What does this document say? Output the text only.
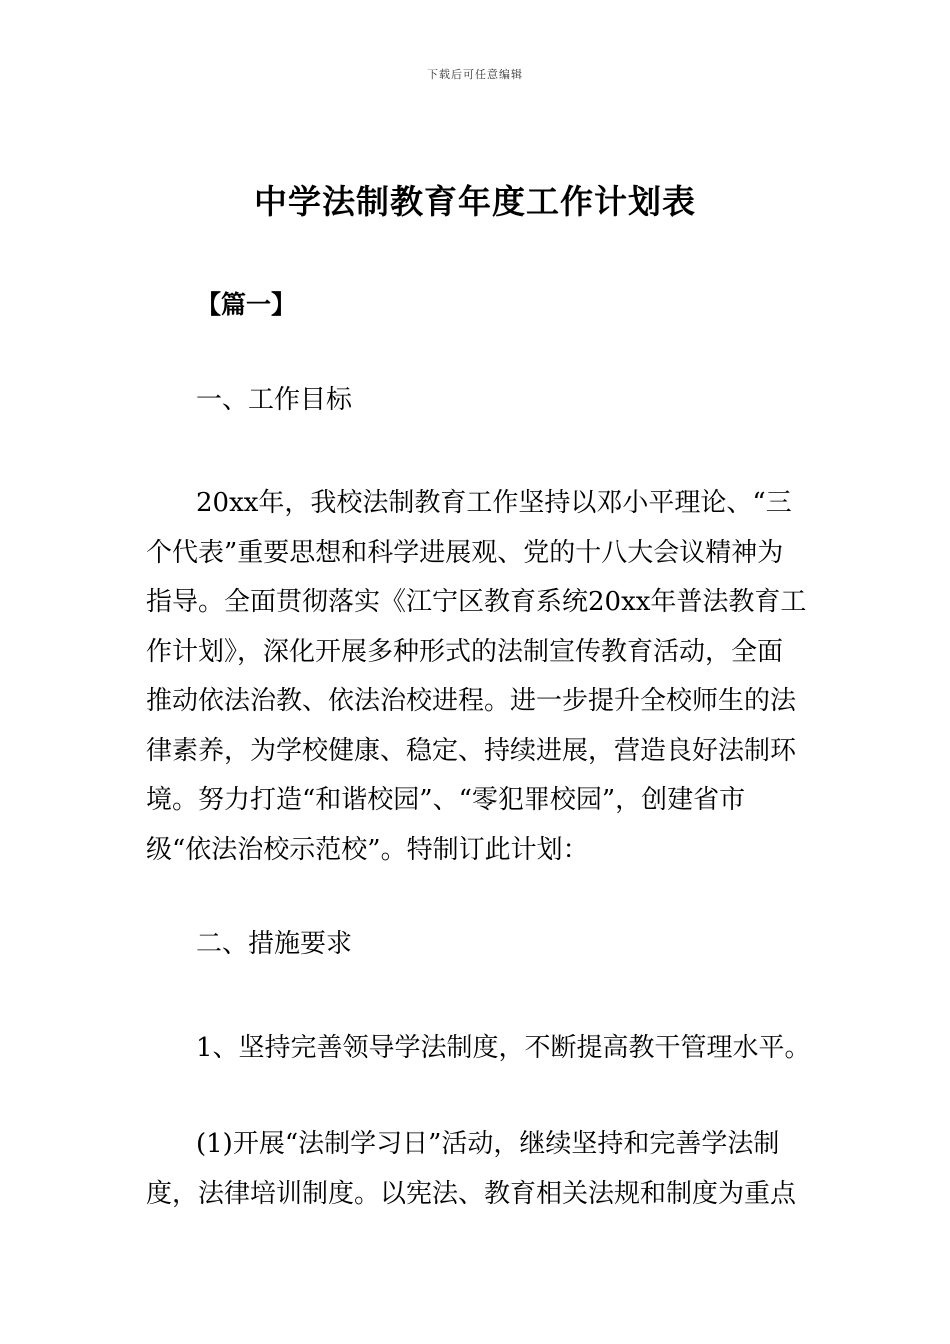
下载后可任意编辑
中学法制教育年度工作计划表
【篇一】
一、工作目标
20xx年，我校法制教育工作坚持以邓小平理论、“三
个代表”重要思想和科学进展观、党的十八大会议精神为
指导。全面贯彻落实《江宁区教育系统20xx年普法教育工
作计划》，深化开展多种形式的法制宣传教育活动，全面
推动依法治教、依法治校进程。进一步提升全校师生的法
律素养，为学校健康、稳定、持续进展，营造良好法制环
境。努力打造“和谐校园”、“零犯罪校园”，创建省市
级“依法治校示范校”。特制订此计划：
二、措施要求
1、坚持完善领导学法制度，不断提高教干管理水平。
(1)开展“法制学习日”活动，继续坚持和完善学法制
度，法律培训制度。以宪法、教育相关法规和制度为重点
